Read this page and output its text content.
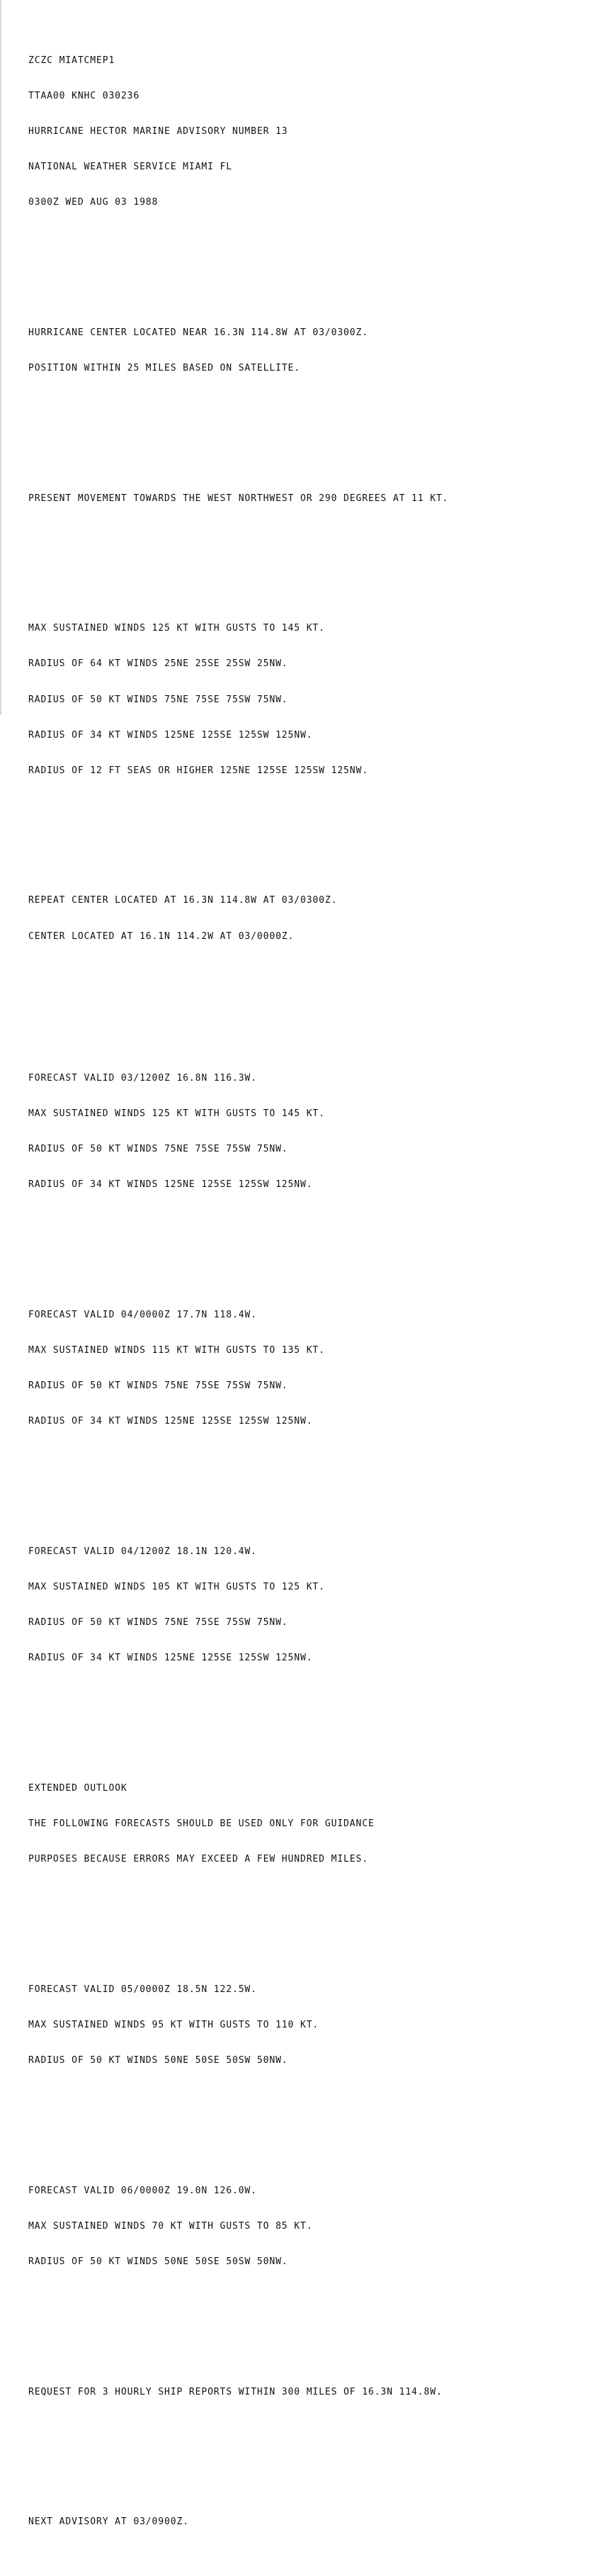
ZCZC MIATCMEP1

TTAA00 KNHC 030236

HURRICANE HECTOR MARINE ADVISORY NUMBER 13

NATIONAL WEATHER SERVICE MIAMI FL

0300Z WED AUG 03 1988

HURRICANE CENTER LOCATED NEAR 16.3N 114.8W AT 03/0300Z.

POSITION WITHIN 25 MILES BASED ON SATELLITE.

PRESENT MOVEMENT TOWARDS THE WEST NORTHWEST OR 290 DEGREES AT 11 KT.

MAX SUSTAINED WINDS 125 KT WITH GUSTS TO 145 KT.

RADIUS OF 64 KT WINDS 25NE 25SE 25SW 25NW.

RADIUS OF 50 KT WINDS 75NE 75SE 75SW 75NW.

RADIUS OF 34 KT WINDS 125NE 125SE 125SW 125NW.

RADIUS OF 12 FT SEAS OR HIGHER 125NE 125SE 125SW 125NW.

REPEAT CENTER LOCATED AT 16.3N 114.8W AT 03/0300Z.

CENTER LOCATED AT 16.1N 114.2W AT 03/0000Z.

FORECAST VALID 03/1200Z 16.8N 116.3W.

MAX SUSTAINED WINDS 125 KT WITH GUSTS TO 145 KT.

RADIUS OF 50 KT WINDS 75NE 75SE 75SW 75NW.

RADIUS OF 34 KT WINDS 125NE 125SE 125SW 125NW.

FORECAST VALID 04/0000Z 17.7N 118.4W.

MAX SUSTAINED WINDS 115 KT WITH GUSTS TO 135 KT.

RADIUS OF 50 KT WINDS 75NE 75SE 75SW 75NW.

RADIUS OF 34 KT WINDS 125NE 125SE 125SW 125NW.

FORECAST VALID 04/1200Z 18.1N 120.4W.

MAX SUSTAINED WINDS 105 KT WITH GUSTS TO 125 KT.

RADIUS OF 50 KT WINDS 75NE 75SE 75SW 75NW.

RADIUS OF 34 KT WINDS 125NE 125SE 125SW 125NW.

EXTENDED OUTLOOK

THE FOLLOWING FORECASTS SHOULD BE USED ONLY FOR GUIDANCE

PURPOSES BECAUSE ERRORS MAY EXCEED A FEW HUNDRED MILES.

FORECAST VALID 05/0000Z 18.5N 122.5W.

MAX SUSTAINED WINDS 95 KT WITH GUSTS TO 110 KT.

RADIUS OF 50 KT WINDS 50NE 50SE 50SW 50NW.

FORECAST VALID 06/0000Z 19.0N 126.0W.

MAX SUSTAINED WINDS 70 KT WITH GUSTS TO 85 KT.

RADIUS OF 50 KT WINDS 50NE 50SE 50SW 50NW.

REQUEST FOR 3 HOURLY SHIP REPORTS WITHIN 300 MILES OF 16.3N 114.8W.

NEXT ADVISORY AT 03/0900Z.
